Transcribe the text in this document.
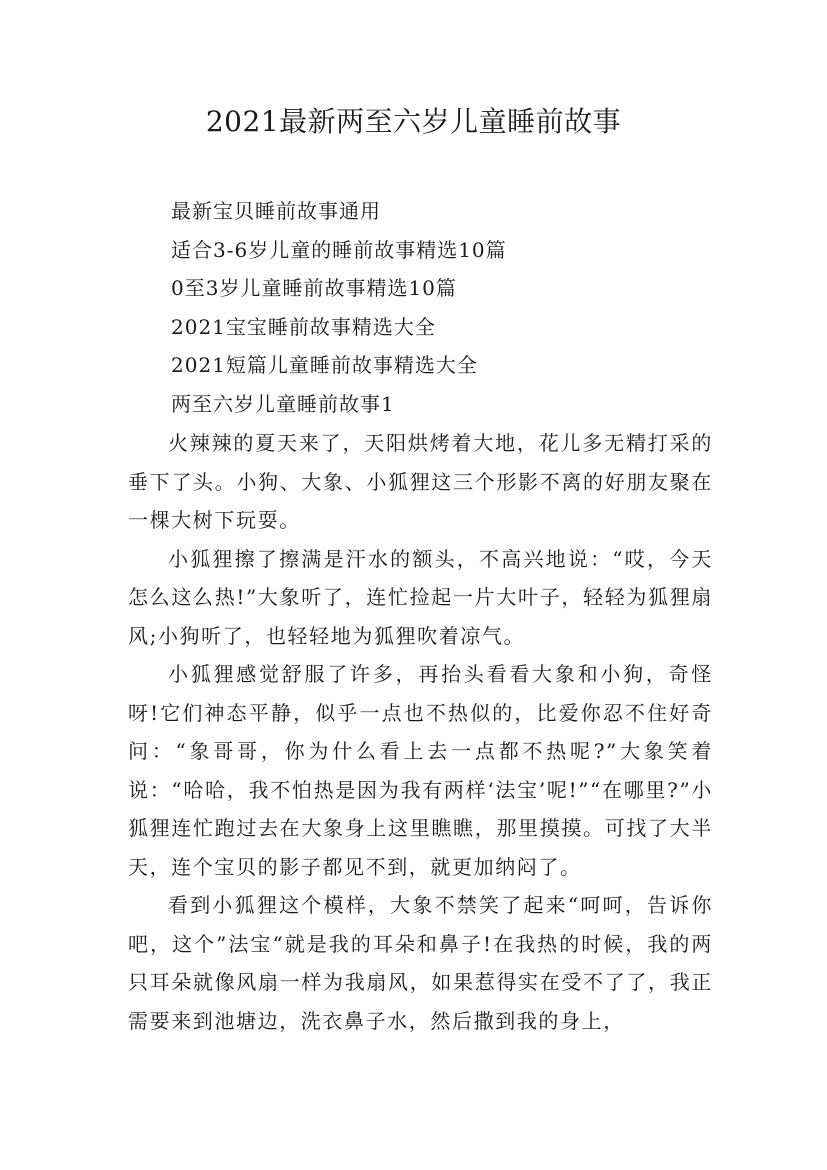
2021最新两至六岁儿童睡前故事
最新宝贝睡前故事通用
适合3-6岁儿童的睡前故事精选10篇
0至3岁儿童睡前故事精选10篇
2021宝宝睡前故事精选大全
2021短篇儿童睡前故事精选大全
两至六岁儿童睡前故事1

火辣辣的夏天来了，天阳烘烤着大地，花儿多无精打采的垂下了头。小狗、大象、小狐狸这三个形影不离的好朋友聚在一棵大树下玩耍。

小狐狸擦了擦满是汗水的额头，不高兴地说：“哎，今天怎么这么热!”大象听了，连忙捡起一片大叶子，轻轻为狐狸扇风;小狗听了，也轻轻地为狐狸吹着凉气。

小狐狸感觉舒服了许多，再抬头看看大象和小狗，奇怪呀!它们神态平静，似乎一点也不热似的，比爱你忍不住好奇问：“象哥哥，你为什么看上去一点都不热呢?”大象笑着说：“哈哈，我不怕热是因为我有两样‘法宝’呢!”“在哪里?”小狐狸连忙跑过去在大象身上这里瞧瞧，那里摸摸。可找了大半天，连个宝贝的影子都见不到，就更加纳闷了。

看到小狐狸这个模样，大象不禁笑了起来“呵呵，告诉你吧，这个”法宝“就是我的耳朵和鼻子!在我热的时候，我的两只耳朵就像风扇一样为我扇风，如果惹得实在受不了了，我正需要来到池塘边，洗衣鼻子水，然后撒到我的身上，
